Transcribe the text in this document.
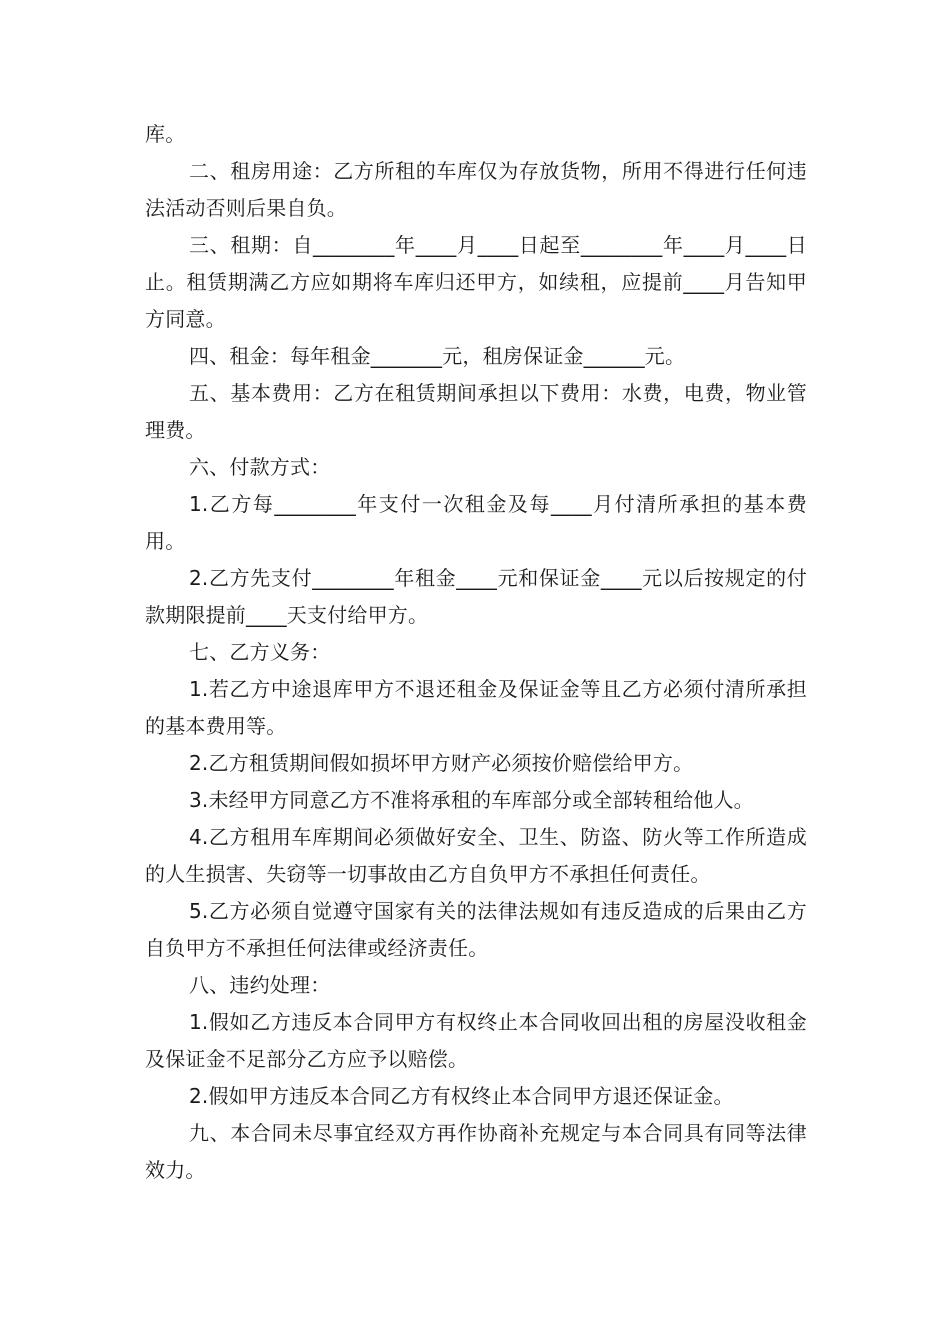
库。

二、租房用途：乙方所租的车库仅为存放货物，所用不得进行任何违法活动否则后果自负。

三、租期：自________年____月____日起至________年____月____日止。租赁期满乙方应如期将车库归还甲方，如续租，应提前____月告知甲方同意。

四、租金：每年租金_______元，租房保证金______元。

五、基本费用：乙方在租赁期间承担以下费用：水费，电费，物业管理费。

六、付款方式：

1.乙方每________年支付一次租金及每____月付清所承担的基本费用。

2.乙方先支付________年租金____元和保证金____元以后按规定的付款期限提前____天支付给甲方。

七、乙方义务：

1.若乙方中途退库甲方不退还租金及保证金等且乙方必须付清所承担的基本费用等。

2.乙方租赁期间假如损坏甲方财产必须按价赔偿给甲方。

3.未经甲方同意乙方不准将承租的车库部分或全部转租给他人。

4.乙方租用车库期间必须做好安全、卫生、防盗、防火等工作所造成的人生损害、失窃等一切事故由乙方自负甲方不承担任何责任。

5.乙方必须自觉遵守国家有关的法律法规如有违反造成的后果由乙方自负甲方不承担任何法律或经济责任。

八、违约处理：

1.假如乙方违反本合同甲方有权终止本合同收回出租的房屋没收租金及保证金不足部分乙方应予以赔偿。

2.假如甲方违反本合同乙方有权终止本合同甲方退还保证金。

九、本合同未尽事宜经双方再作协商补充规定与本合同具有同等法律效力。
